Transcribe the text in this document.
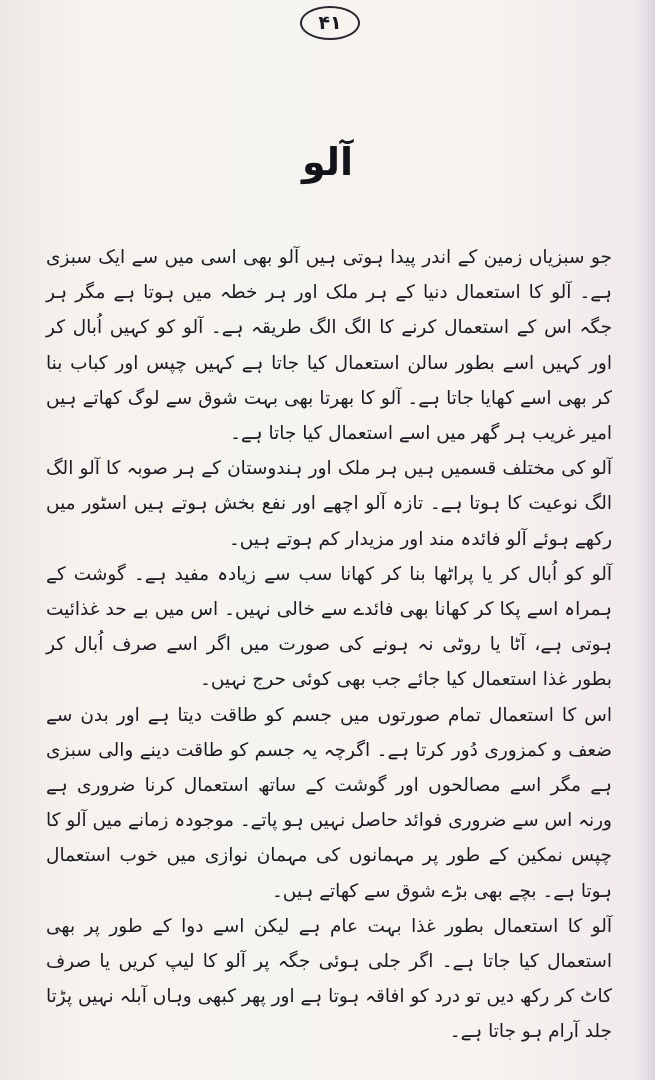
۴۱
آلو

جو سبزیاں زمین کے اندر پیدا ہوتی ہیں آلو بھی اسی میں سے ایک سبزی ہے۔ آلو کا استعمال دنیا کے ہر ملک اور ہر خطہ میں ہوتا ہے مگر ہر جگہ اس کے استعمال کرنے کا الگ الگ طریقہ ہے۔ آلو کو کہیں اُبال کر اور کہیں اسے بطور سالن استعمال کیا جاتا ہے کہیں چپس اور کباب بنا کر بھی اسے کھایا جاتا ہے۔ آلو کا بھرتا بھی بہت شوق سے لوگ کھاتے ہیں امیر غریب ہر گھر میں اسے استعمال کیا جاتا ہے۔

آلو کی مختلف قسمیں ہیں ہر ملک اور ہندوستان کے ہر صوبہ کا آلو الگ الگ نوعیت کا ہوتا ہے۔ تازہ آلو اچھے اور نفع بخش ہوتے ہیں اسٹور میں رکھے ہوئے آلو فائدہ مند اور مزیدار کم ہوتے ہیں۔

آلو کو اُبال کر یا پراٹھا بنا کر کھانا سب سے زیادہ مفید ہے۔ گوشت کے ہمراہ اسے پکا کر کھانا بھی فائدے سے خالی نہیں۔ اس میں بے حد غذائیت ہوتی ہے، آٹا یا روٹی نہ ہونے کی صورت میں اگر اسے صرف اُبال کر بطور غذا استعمال کیا جائے جب بھی کوئی حرج نہیں۔

اس کا استعمال تمام صورتوں میں جسم کو طاقت دیتا ہے اور بدن سے ضعف و کمزوری دُور کرتا ہے۔ اگرچہ یہ جسم کو طاقت دینے والی سبزی ہے مگر اسے مصالحوں اور گوشت کے ساتھ استعمال کرنا ضروری ہے ورنہ اس سے ضروری فوائد حاصل نہیں ہو پاتے۔ موجودہ زمانے میں آلو کا چپس نمکین کے طور پر مہمانوں کی مہمان نوازی میں خوب استعمال ہوتا ہے۔ بچے بھی بڑے شوق سے کھاتے ہیں۔

آلو کا استعمال بطور غذا بہت عام ہے لیکن اسے دوا کے طور پر بھی استعمال کیا جاتا ہے۔ اگر جلی ہوئی جگہ پر آلو کا لیپ کریں یا صرف کاٹ کر رکھ دیں تو درد کو افاقہ ہوتا ہے اور پھر کبھی وہاں آبلہ نہیں پڑتا جلد آرام ہو جاتا ہے۔
